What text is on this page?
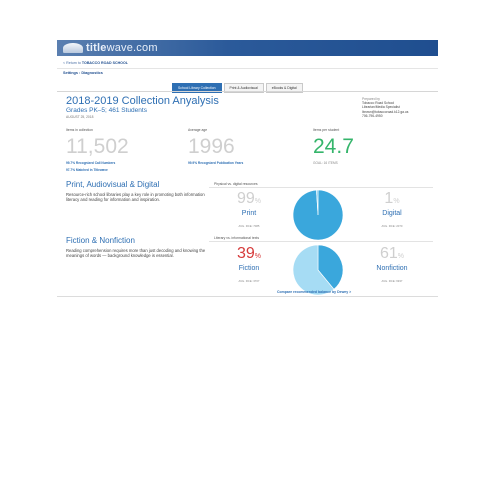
titlewave.com
< Return to TOBACCO ROAD SCHOOL
Settings : Diagnostics
School Library Collection	Print & Audiovisual	eBooks & Digital
2018-2019 Collection Anyalysis
Grades PK–5; 461 Students
AUGUST 25, 2018
Prepared by
Tobacco Road School
Librarian/Media Specialist
lbrown@tobaccoroad.k12.ga.us
706-796-4950
Items in collection
11,502
99.7% Recognized Call Numbers
97.7% Matched in Titlewave
Average age
1996
99.9% Recognized Publication Years
Items per student
24.7
GOAL: 16 ITEMS
Print, Audiovisual & Digital
Resource-rich school libraries play a key role in promoting both information literacy and reading for information and inspiration.
Physical vs. digital resources
99%
Print
AVG. RCE: 7085
1%
Digital
AVG. RCE: 2070
Fiction & Nonfiction
Reading comprehension requires more than just decoding and knowing the meanings of words — background knowledge is essential.
Literary vs. informational texts
39%
Fiction
AVG. RCE: 3707
61%
Nonfiction
AVG. RCE: 6937
Compare recommended balance by Dewey >
